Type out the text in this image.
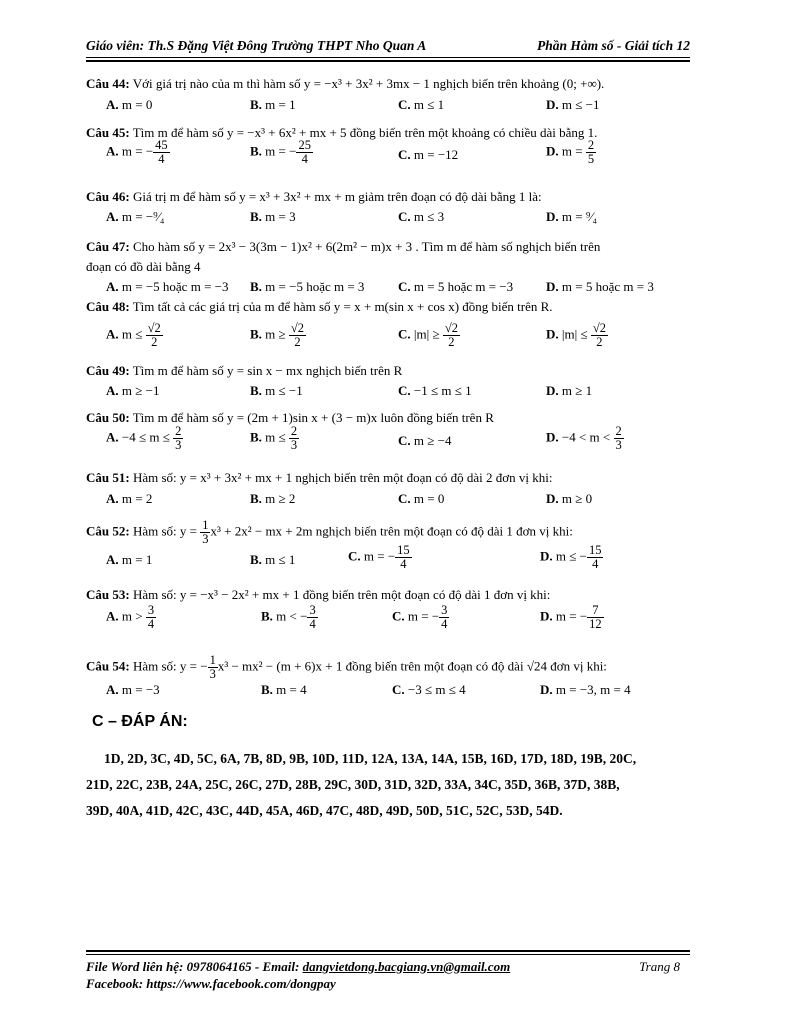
Giáo viên: Th.S Đặng Việt Đông Trường THPT Nho Quan A	Phần Hàm số - Giải tích 12
Câu 44: Với giá trị nào của m thì hàm số y = −x³ + 3x² + 3mx − 1 nghịch biến trên khoảng (0; +∞).
A. m = 0	B. m = 1	C. m ≤ 1	D. m ≤ −1
Câu 45: Tìm m để hàm số y = −x³ + 6x² + mx + 5 đồng biến trên một khoảng có chiều dài bằng 1.
A. m = − $\frac{45}{4}$	B. m = − $\frac{25}{4}$	C. m = −12	D. $m = \frac{2}{5}$
Câu 46: Giá trị m để hàm số y = x³ + 3x² + mx + m giảm trên đoạn có độ dài bằng 1 là:
A. m = −⁹⁄₄	B. m = 3	C. m ≤ 3	D. m = ⁹⁄₄
Câu 47: Cho hàm số y = 2x³ − 3(3m − 1)x² + 6(2m² − m)x + 3 . Tìm m để hàm số nghịch biến trên
đoạn có đồ dài bằng 4
A. m = −5 hoặc m = −3 B. m = −5 hoặc m = 3	C. m = 5 hoặc m = −3	D. m = 5 hoặc m = 3
Câu 48: Tìm tất cả các giá trị của m để hàm số y = x + m(sin x + cos x) đồng biến trên R.
A. $m \le \frac{√2}{2}$	B. $m \ge \frac{√2}{2}$	C. $|m| \ge \frac{√2}{2}$	D. $|m| \le \frac{√2}{2}$
Câu 49: Tìm m để hàm số y = sin x − mx nghịch biến trên R
A. m ≥ −1	B. m ≤ −1	C. −1 ≤ m ≤ 1	D. m ≥ 1
Câu 50: Tìm m để hàm số y = (2m + 1)sin x + (3 − m)x luôn đồng biến trên R
A. $-4 \le m \le \frac{2}{3}$	B. $m \le \frac{2}{3}$	C. m ≥ −4	D. $-4 < m < \frac{2}{3}$
Câu 51: Hàm số: y = x³ + 3x² + mx + 1 nghịch biến trên một đoạn có độ dài 2 đơn vị khi:
A. m = 2	B. m ≥ 2	C. m = 0	D. m ≥ 0
Câu 52: Hàm số: $y = \frac{1}{3} x^3 + 2x^2$ − mx + 2m nghịch biến trên một đoạn có độ dài 1 đơn vị khi:
A. m = 1	B. m ≤ 1	C. m = − $\frac{15}{4}$	D. m ≤ − $\frac{15}{4}$
Câu 53: Hàm số: y = −x³ − 2x² + mx + 1 đồng biến trên một đoạn có độ dài 1 đơn vị khi:
A. $m > \frac{3}{4}$	B. m < − $\frac{3}{4}$	C. m = − $\frac{3}{4}$	D. m = − $\frac{7}{12}$
Câu 54: Hàm số: y = − $\frac{1}{3} x^3 - mx^2 - (m + 6)x + 1$ đồng biến trên một đoạn có độ dài √24 đơn vị khi:
A. m = −3	B. m = 4	C. −3 ≤ m ≤ 4	D. m = −3, m = 4
C – ĐÁP ÁN:
1D, 2D, 3C, 4D, 5C, 6A, 7B, 8D, 9B, 10D, 11D, 12A, 13A, 14A, 15B, 16D, 17D, 18D, 19B, 20C,
21D, 22C, 23B, 24A, 25C, 26C, 27D, 28B, 29C, 30D, 31D, 32D, 33A, 34C, 35D, 36B, 37D, 38B,
39D, 40A, 41D, 42C, 43C, 44D, 45A, 46D, 47C, 48D, 49D, 50D, 51C, 52C, 53D, 54D.
File Word liên hệ: 0978064165 - Email: dangvietdong.bacgiang.vn@gmail.com
Facebook: https://www.facebook.com/dongpay
Trang 8
